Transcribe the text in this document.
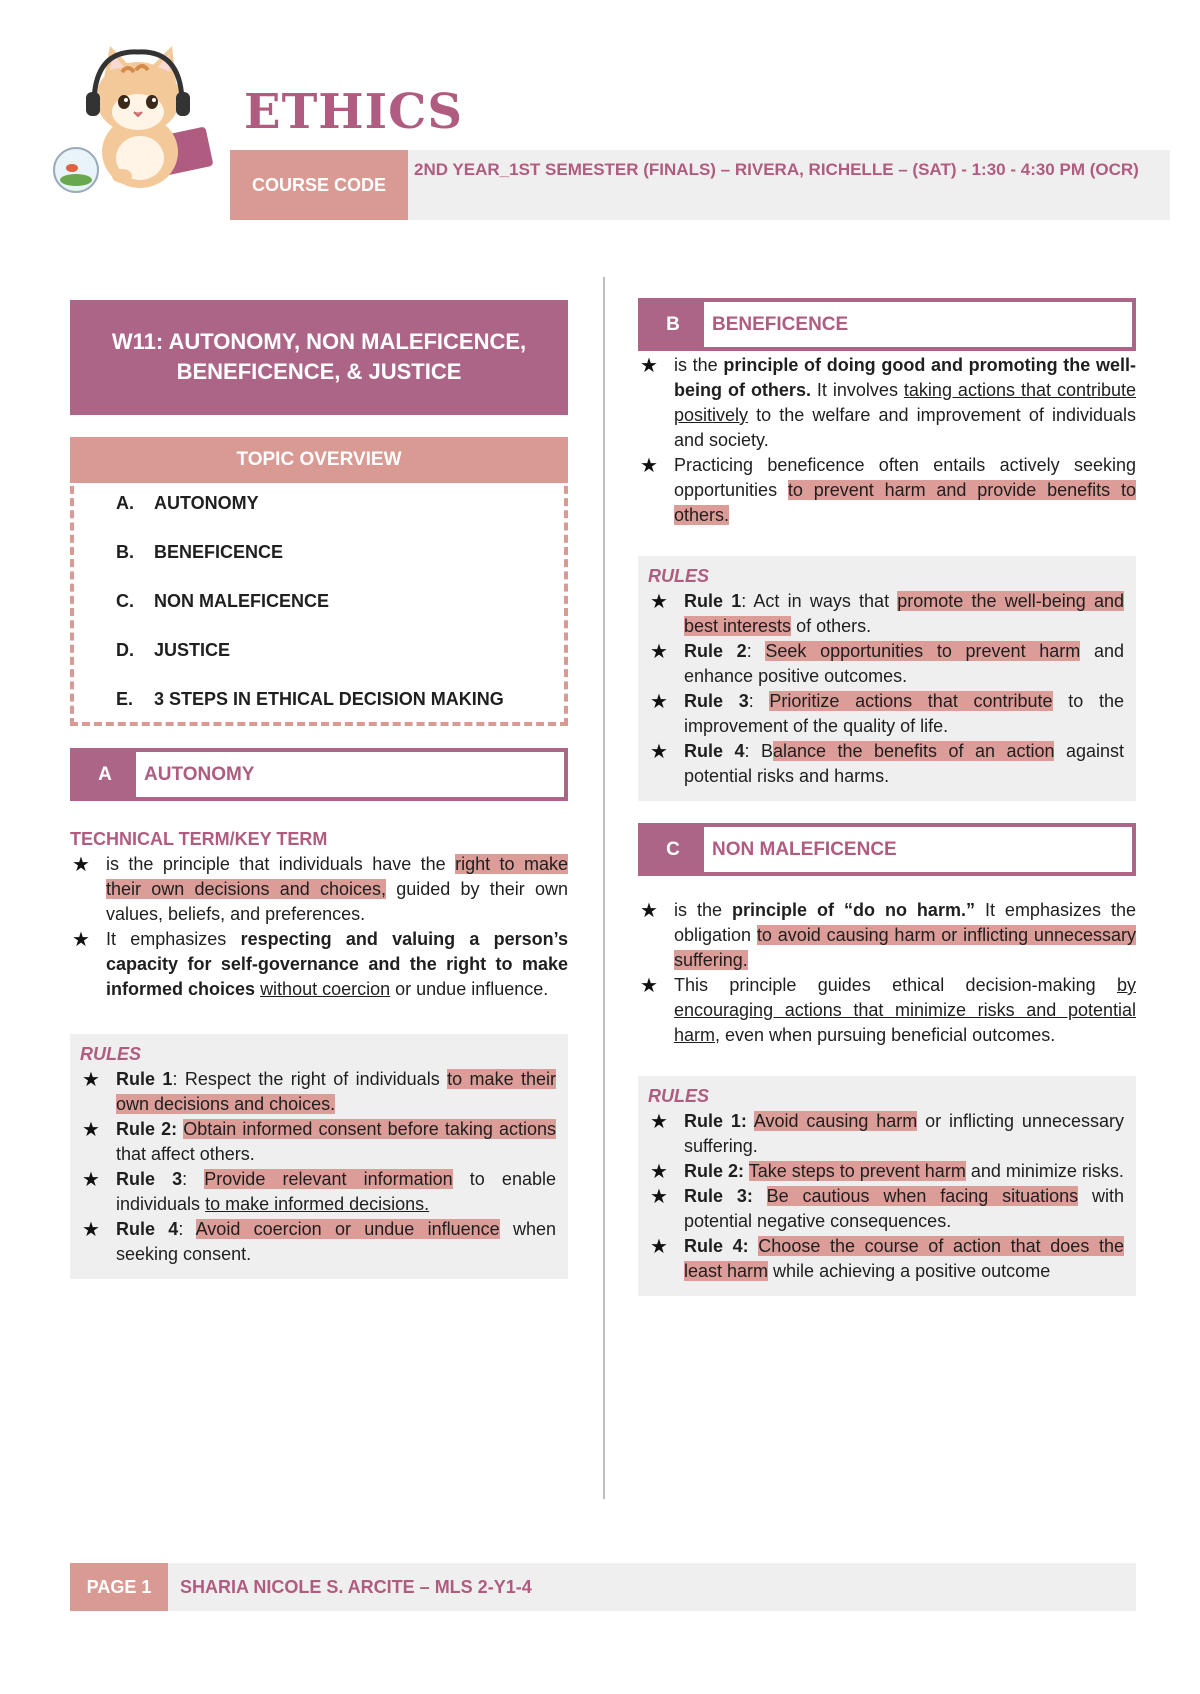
ETHICS
COURSE CODE
2ND YEAR_1ST SEMESTER (FINALS) – RIVERA, RICHELLE – (SAT) - 1:30 - 4:30 PM (OCR)
W11: AUTONOMY, NON MALEFICENCE, BENEFICENCE, & JUSTICE
TOPIC OVERVIEW
A.	AUTONOMY
B.	BENEFICENCE
C.	NON MALEFICENCE
D.	JUSTICE
E.	3 STEPS IN ETHICAL DECISION MAKING
A	AUTONOMY
TECHNICAL TERM/KEY TERM
★ is the principle that individuals have the right to make their own decisions and choices, guided by their own values, beliefs, and preferences.
★ It emphasizes respecting and valuing a person’s capacity for self-governance and the right to make informed choices without coercion or undue influence.
RULES
★ Rule 1: Respect the right of individuals to make their own decisions and choices.
★ Rule 2: Obtain informed consent before taking actions that affect others.
★ Rule 3: Provide relevant information to enable individuals to make informed decisions.
★ Rule 4: Avoid coercion or undue influence when seeking consent.
B	BENEFICENCE
★ is the principle of doing good and promoting the well-being of others. It involves taking actions that contribute positively to the welfare and improvement of individuals and society.
★ Practicing beneficence often entails actively seeking opportunities to prevent harm and provide benefits to others.
RULES
★ Rule 1: Act in ways that promote the well-being and best interests of others.
★ Rule 2: Seek opportunities to prevent harm and enhance positive outcomes.
★ Rule 3: Prioritize actions that contribute to the improvement of the quality of life.
★ Rule 4: Balance the benefits of an action against potential risks and harms.
C	NON MALEFICENCE
★ is the principle of “do no harm.” It emphasizes the obligation to avoid causing harm or inflicting unnecessary suffering.
★ This principle guides ethical decision-making by encouraging actions that minimize risks and potential harm, even when pursuing beneficial outcomes.
RULES
★ Rule 1: Avoid causing harm or inflicting unnecessary suffering.
★ Rule 2: Take steps to prevent harm and minimize risks.
★ Rule 3: Be cautious when facing situations with potential negative consequences.
★ Rule 4: Choose the course of action that does the least harm while achieving a positive outcome
PAGE 1	SHARIA NICOLE S. ARCITE – MLS 2-Y1-4
